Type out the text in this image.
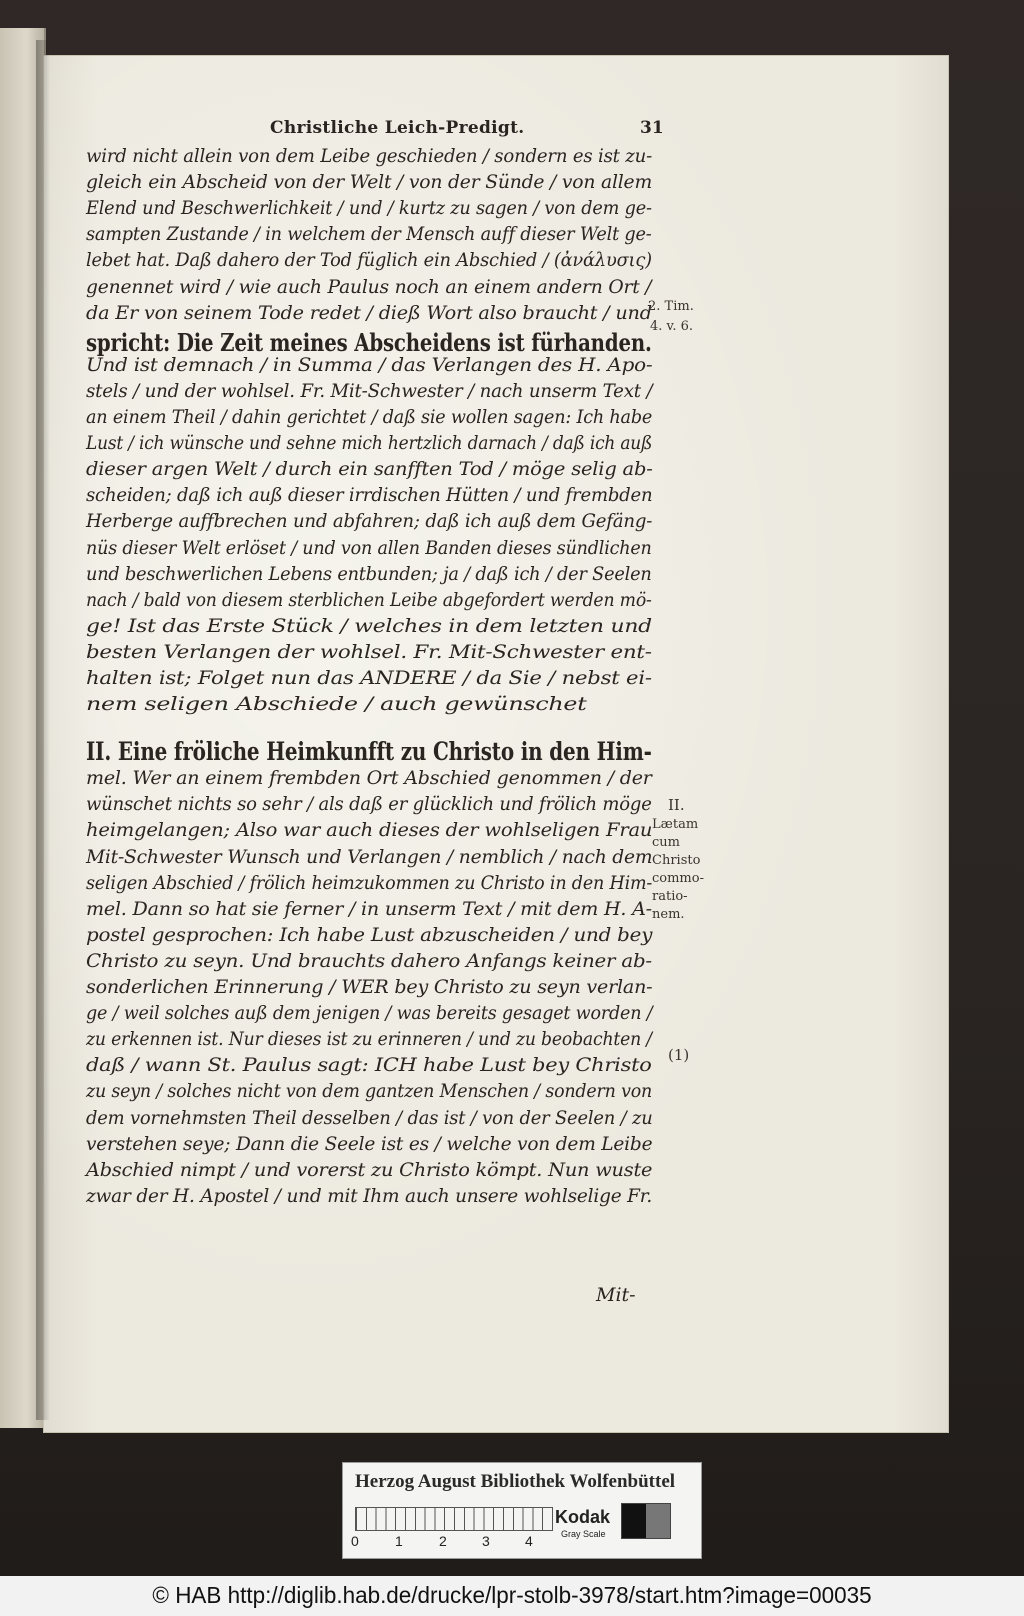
Christliche Leich-Predigt.	31
wird nicht allein von dem Leibe geschieden / sondern es ist zu-
gleich ein Abscheid von der Welt / von der Sünde / von allem
Elend und Beschwerlichkeit / und / kurtz zu sagen / von dem ge-
sampten Zustande / in welchem der Mensch auff dieser Welt ge-
lebet hat. Daß dahero der Tod füglich ein Abschied / (ἀνάλυσις)
genennet wird / wie auch Paulus noch an einem andern Ort /
da Er von seinem Tode redet / dieß Wort also braucht / und
spricht: Die Zeit meines Abscheidens ist fürhanden.
Und ist demnach / in Summa / das Verlangen des H. Apo-
stels / und der wohlsel. Fr. Mit-Schwester / nach unserm Text /
an einem Theil / dahin gerichtet / daß sie wollen sagen: Ich habe
Lust / ich wünsche und sehne mich hertzlich darnach / daß ich auß
dieser argen Welt / durch ein sanfften Tod / möge selig ab-
scheiden; daß ich auß dieser irrdischen Hütten / und frembden
Herberge auffbrechen und abfahren; daß ich auß dem Gefäng-
nüs dieser Welt erlöset / und von allen Banden dieses sündlichen
und beschwerlichen Lebens entbunden; ja / daß ich / der Seelen
nach / bald von diesem sterblichen Leibe abgefordert werden mö-
ge! Ist das Erste Stück / welches in dem letzten und
besten Verlangen der wohlsel. Fr. Mit-Schwester ent-
halten ist; Folget nun das ANDERE / da Sie / nebst ei-
nem seligen Abschiede / auch gewünschet
II. Eine fröliche Heimkunfft zu Christo in den Him-
mel. Wer an einem frembden Ort Abschied genommen / der
wünschet nichts so sehr / als daß er glücklich und frölich möge
heimgelangen; Also war auch dieses der wohlseligen Frau
Mit-Schwester Wunsch und Verlangen / nemblich / nach dem
seligen Abschied / frölich heimzukommen zu Christo in den Him-
mel. Dann so hat sie ferner / in unserm Text / mit dem H. A-
postel gesprochen: Ich habe Lust abzuscheiden / und bey
Christo zu seyn. Und brauchts dahero Anfangs keiner ab-
sonderlichen Erinnerung / WER bey Christo zu seyn verlan-
ge / weil solches auß dem jenigen / was bereits gesaget worden /
zu erkennen ist. Nur dieses ist zu erinneren / und zu beobachten /
daß / wann St. Paulus sagt: ICH habe Lust bey Christo
zu seyn / solches nicht von dem gantzen Menschen / sondern von
dem vornehmsten Theil desselben / das ist / von der Seelen / zu
verstehen seye; Dann die Seele ist es / welche von dem Leibe
Abschied nimpt / und vorerst zu Christo kömpt. Nun wuste
zwar der H. Apostel / und mit Ihm auch unsere wohlselige Fr.
2. Tim.
4. v. 6.
II.
Lætam
cum
Christo
commo-
ratio-
nem.
(1)
Mit-
Herzog August Bibliothek Wolfenbüttel
0	1	2	3	4
Kodak
Gray Scale
© HAB http://diglib.hab.de/drucke/lpr-stolb-3978/start.htm?image=00035
